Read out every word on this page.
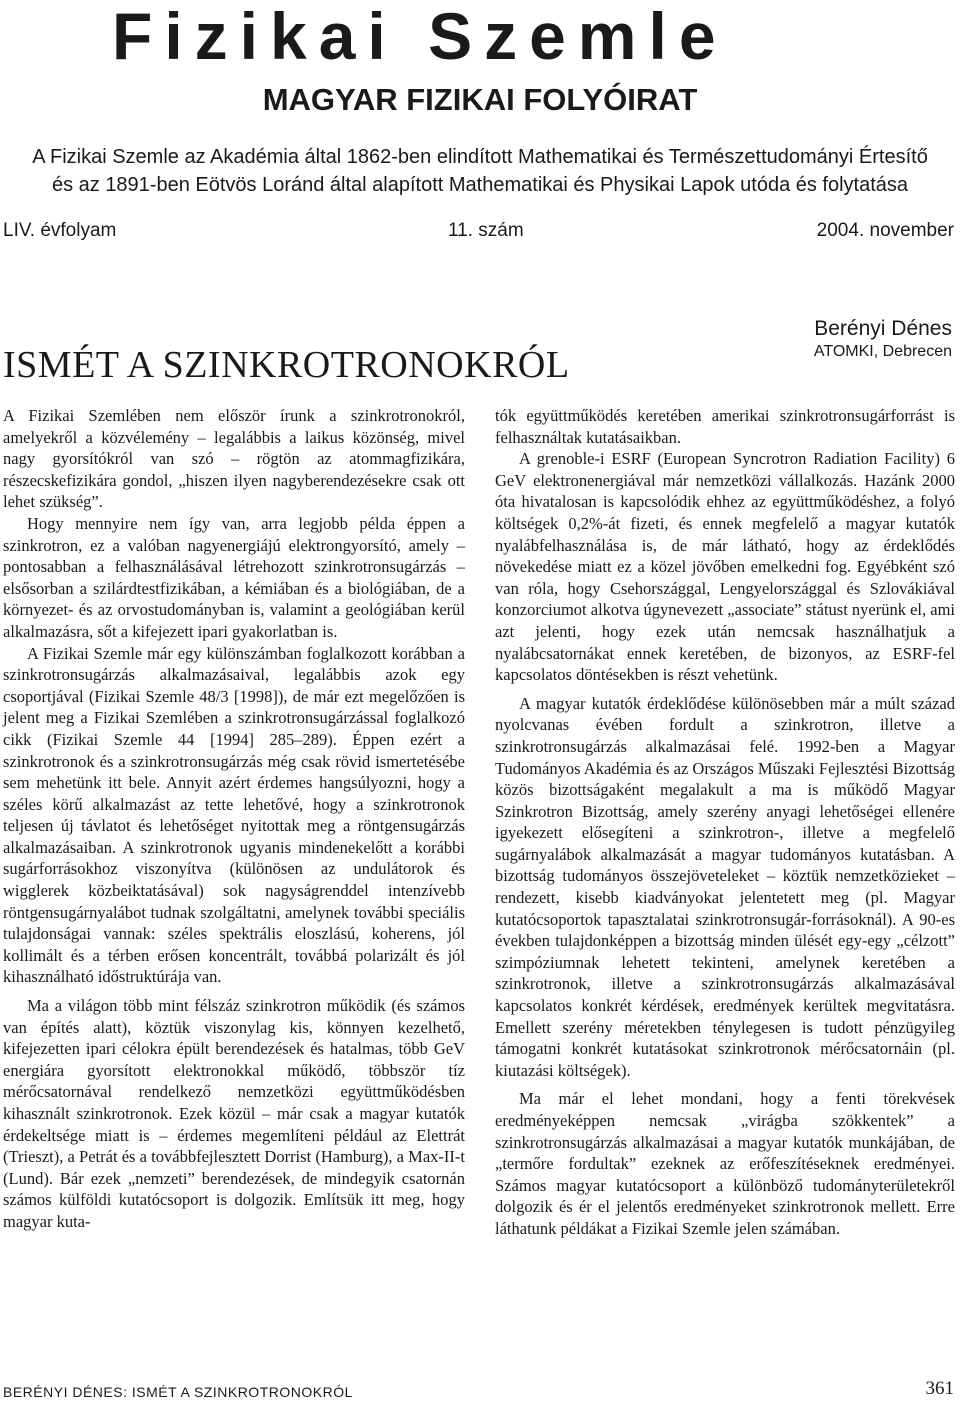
Fizikai Szemle
MAGYAR FIZIKAI FOLYÓIRAT
A Fizikai Szemle az Akadémia által 1862-ben elindított Mathematikai és Természettudományi Értesítő
és az 1891-ben Eötvös Loránd által alapított Mathematikai és Physikai Lapok utóda és folytatása
LIV. évfolyam	11. szám	2004. november
ISMÉT A SZINKROTRONOKRÓL
Berényi Dénes
ATOMKI, Debrecen

A Fizikai Szemlében nem először írunk a szinkrotronokról, amelyekről a közvélemény – legalábbis a laikus közönség, mivel nagy gyorsítókról van szó – rögtön az atommagfizikára, részecskefizikára gondol, „hiszen ilyen nagyberendezésekre csak ott lehet szükség”.

Hogy mennyire nem így van, arra legjobb példa éppen a szinkrotron, ez a valóban nagyenergiájú elektrongyorsító, amely – pontosabban a felhasználásával létrehozott szinkrotronsugárzás – elsősorban a szilárdtestfizikában, a kémiában és a biológiában, de a környezet- és az orvostudományban is, valamint a geológiában kerül alkalmazásra, sőt a kifejezett ipari gyakorlatban is.

A Fizikai Szemle már egy különszámban foglalkozott korábban a szinkrotronsugárzás alkalmazásaival, legalábbis azok egy csoportjával (Fizikai Szemle 48/3 [1998]), de már ezt megelőzően is jelent meg a Fizikai Szemlében a szinkrotronsugárzással foglalkozó cikk (Fizikai Szemle 44 [1994] 285–289). Éppen ezért a szinkrotronok és a szinkrotronsugárzás még csak rövid ismertetésébe sem mehetünk itt bele. Annyit azért érdemes hangsúlyozni, hogy a széles körű alkalmazást az tette lehetővé, hogy a szinkrotronok teljesen új távlatot és lehetőséget nyitottak meg a röntgensugárzás alkalmazásaiban. A szinkrotronok ugyanis mindenekelőtt a korábbi sugárforrásokhoz viszonyítva (különösen az undulátorok és wigglerek közbeiktatásával) sok nagyságrenddel intenzívebb röntgensugárnyalábot tudnak szolgáltatni, amelynek további speciális tulajdonságai vannak: széles spektrális eloszlású, koherens, jól kollimált és a térben erősen koncentrált, továbbá polarizált és jól kihasználható időstruktúrája van.

Ma a világon több mint félszáz szinkrotron működik (és számos van építés alatt), köztük viszonylag kis, könnyen kezelhető, kifejezetten ipari célokra épült berendezések és hatalmas, több GeV energiára gyorsított elektronokkal működő, többször tíz mérőcsatornával rendelkező nemzetközi együttműködésben kihasznált szinkrotronok. Ezek közül – már csak a magyar kutatók érdekeltsége miatt is – érdemes megemlíteni például az Elettrát (Trieszt), a Petrát és a továbbfejlesztett Dorrist (Hamburg), a Max-II-t (Lund). Bár ezek „nemzeti” berendezések, de mindegyik csatornán számos külföldi kutatócsoport is dolgozik. Említsük itt meg, hogy magyar kuta-

tók együttműködés keretében amerikai szinkrotronsugárforrást is felhasználtak kutatásaikban.

A grenoble-i ESRF (European Syncrotron Radiation Facility) 6 GeV elektronenergiával már nemzetközi vállalkozás. Hazánk 2000 óta hivatalosan is kapcsolódik ehhez az együttműködéshez, a folyó költségek 0,2%-át fizeti, és ennek megfelelő a magyar kutatók nyalábfelhasználása is, de már látható, hogy az érdeklődés növekedése miatt ez a közel jövőben emelkedni fog. Egyébként szó van róla, hogy Csehországgal, Lengyelországgal és Szlovákiával konzorciumot alkotva úgynevezett „associate” státust nyerünk el, ami azt jelenti, hogy ezek után nemcsak használhatjuk a nyalábcsatornákat ennek keretében, de bizonyos, az ESRF-fel kapcsolatos döntésekben is részt vehetünk.

A magyar kutatók érdeklődése különösebben már a múlt század nyolcvanas évében fordult a szinkrotron, illetve a szinkrotronsugárzás alkalmazásai felé. 1992-ben a Magyar Tudományos Akadémia és az Országos Műszaki Fejlesztési Bizottság közös bizottságaként megalakult a ma is működő Magyar Szinkrotron Bizottság, amely szerény anyagi lehetőségei ellenére igyekezett elősegíteni a szinkrotron-, illetve a megfelelő sugárnyalábok alkalmazását a magyar tudományos kutatásban. A bizottság tudományos összejöveteleket – köztük nemzetközieket – rendezett, kisebb kiadványokat jelentetett meg (pl. Magyar kutatócsoportok tapasztalatai szinkrotronsugár-forrásoknál). A 90-es években tulajdonképpen a bizottság minden ülését egy-egy „célzott” szimpóziumnak lehetett tekinteni, amelynek keretében a szinkrotronok, illetve a szinkrotronsugárzás alkalmazásával kapcsolatos konkrét kérdések, eredmények kerültek megvitatásra. Emellett szerény méretekben ténylegesen is tudott pénzügyileg támogatni konkrét kutatásokat szinkrotronok mérőcsatornáin (pl. kiutazási költségek).

Ma már el lehet mondani, hogy a fenti törekvések eredményeképpen nemcsak „virágba szökkentek” a szinkrotronsugárzás alkalmazásai a magyar kutatók munkájában, de „termőre fordultak” ezeknek az erőfeszítéseknek eredményei. Számos magyar kutatócsoport a különböző tudományterületekről dolgozik és ér el jelentős eredményeket szinkrotronok mellett. Erre láthatunk példákat a Fizikai Szemle jelen számában.

BERÉNYI DÉNES: ISMÉT A SZINKROTRONOKRÓL	361
